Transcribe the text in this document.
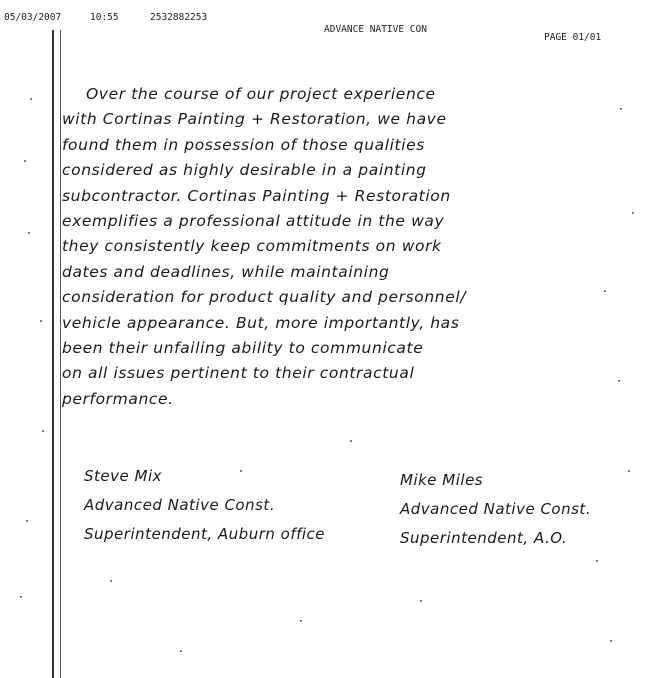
05/03/2007	10:55	2532882253
ADVANCE NATIVE CON
PAGE 01/01
Over the course of our project experience
with Cortinas Painting + Restoration, we have
found them in possession of those qualities
considered as highly desirable in a painting
subcontractor. Cortinas Painting + Restoration
exemplifies a professional attitude in the way
they consistently keep commitments on work
dates and deadlines, while maintaining
consideration for product quality and personnel/
vehicle appearance. But, more importantly, has
been their unfailing ability to communicate
on all issues pertinent to their contractual
performance.
Steve Mix
Advanced Native Const.
Superintendent, Auburn office
Mike Miles
Advanced Native Const.
Superintendent, A.O.
